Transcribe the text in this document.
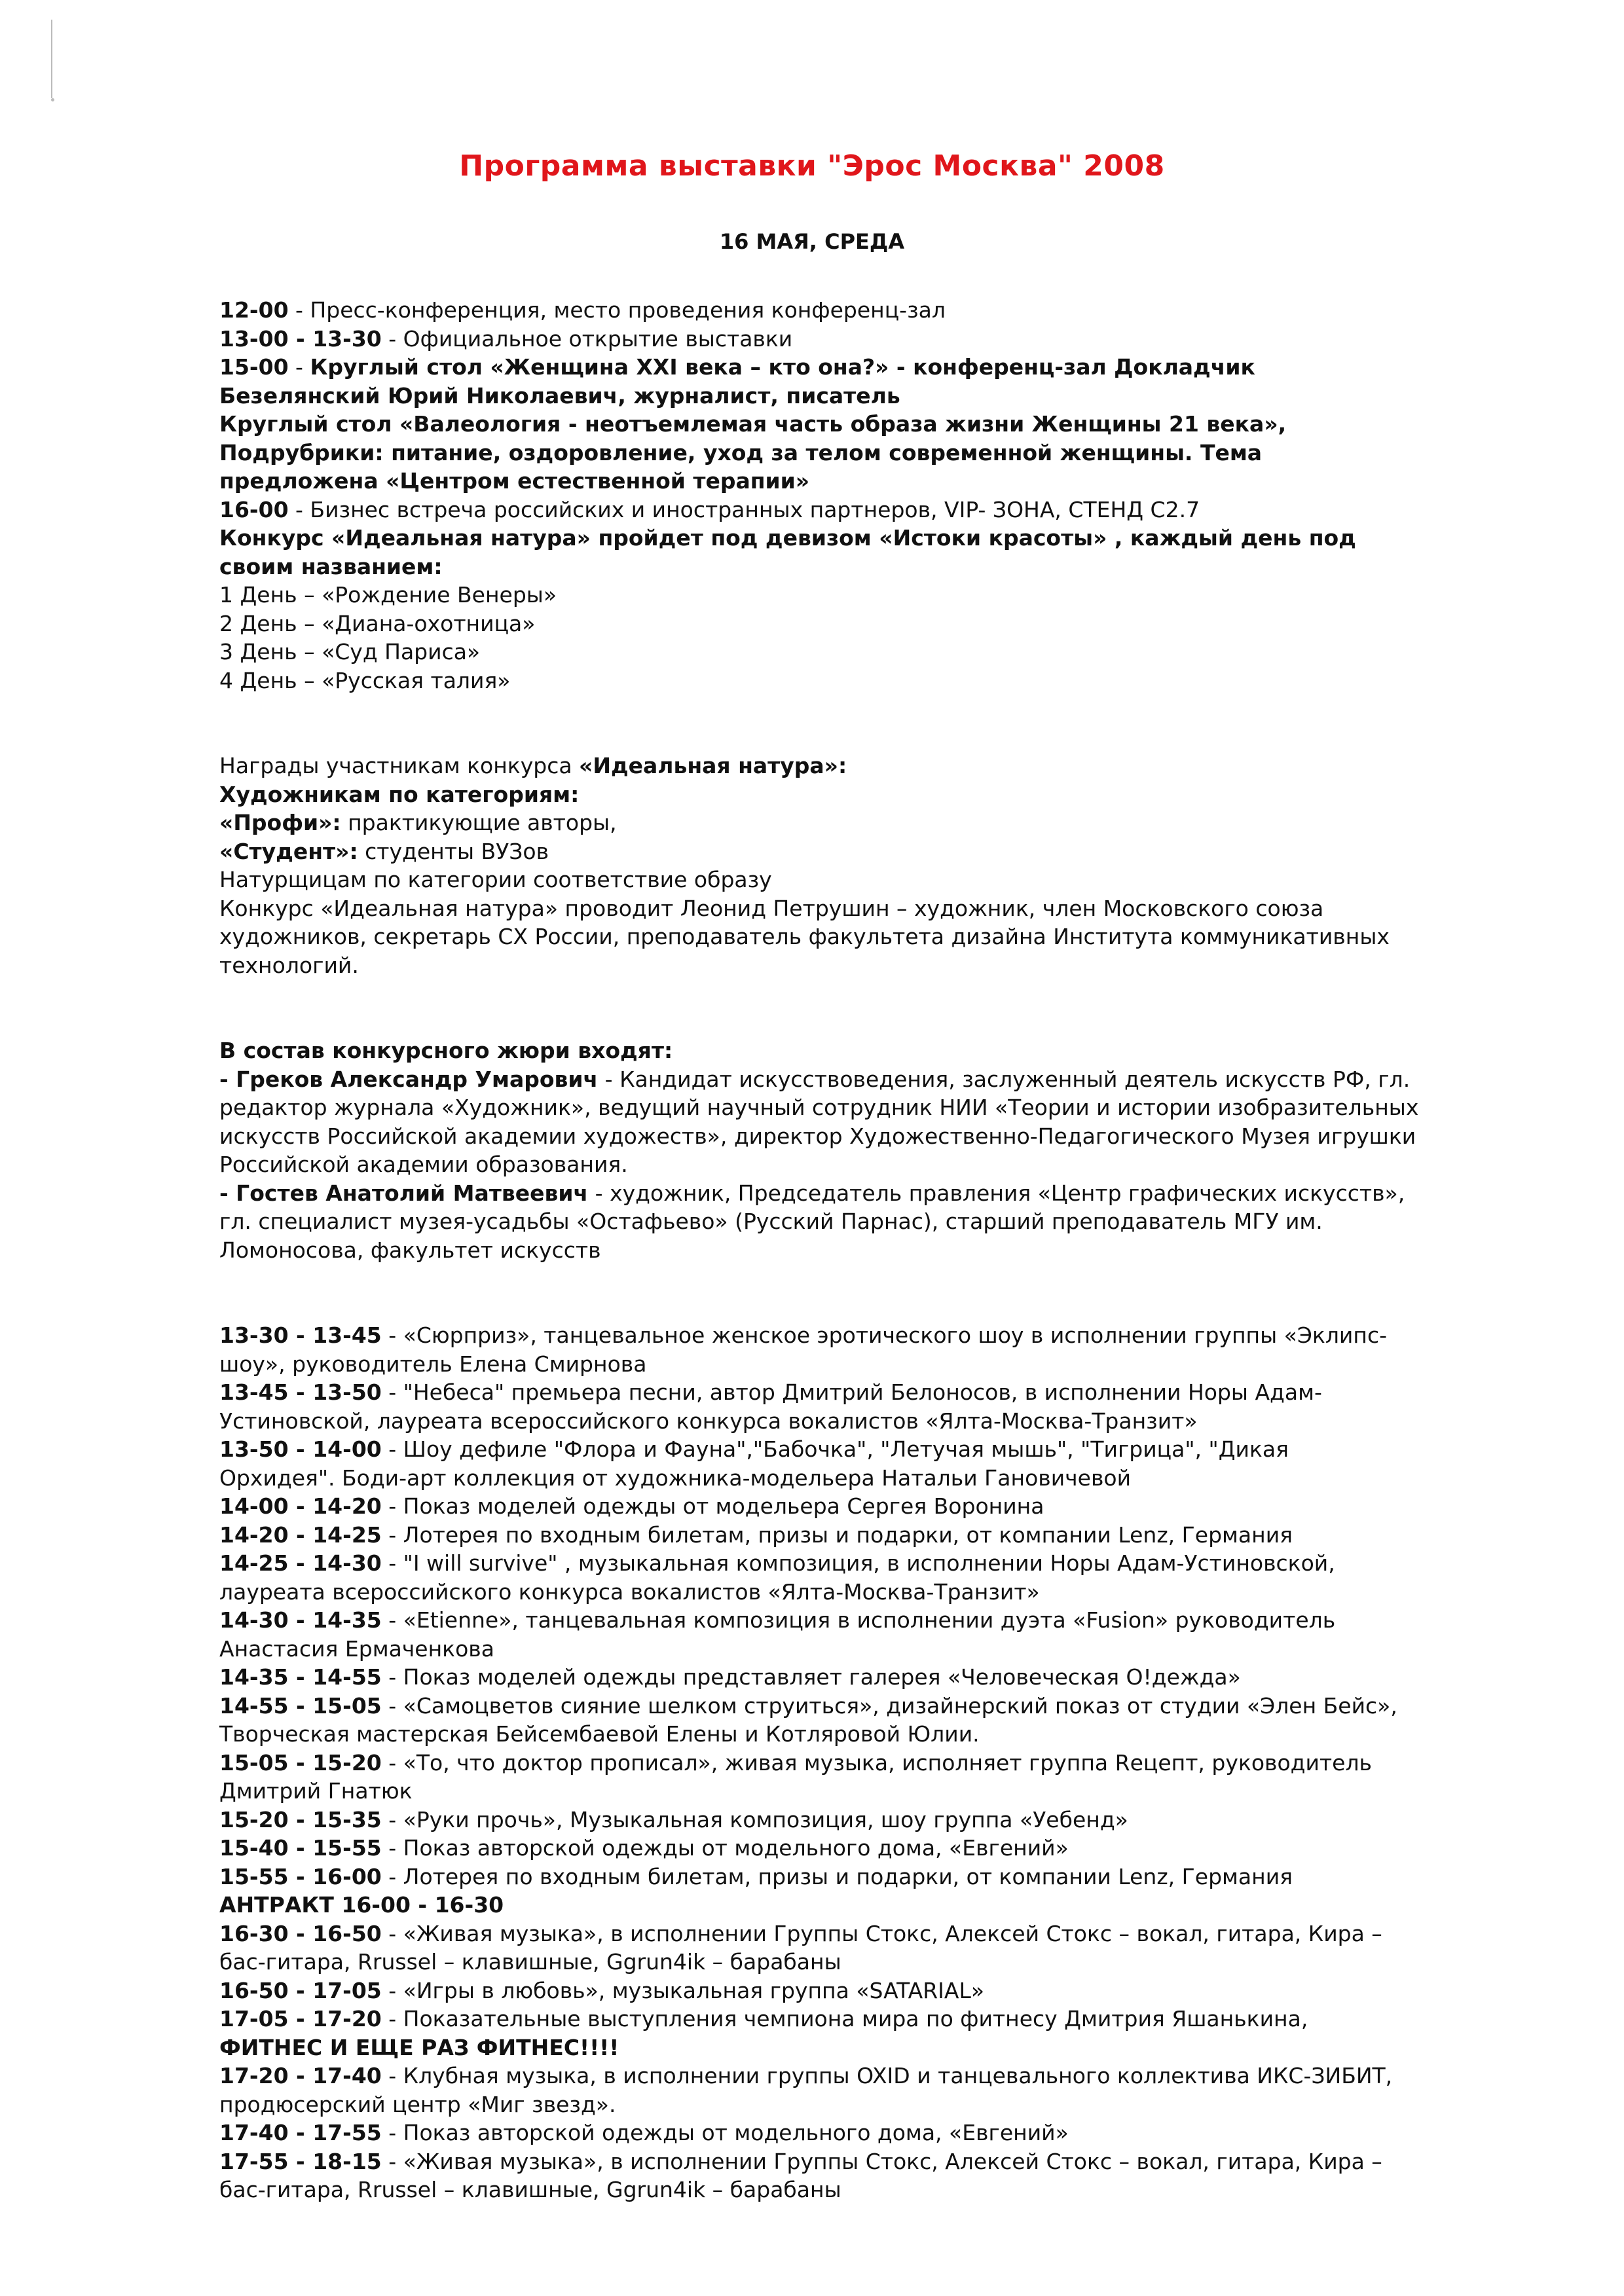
Программа выставки "Эрос Москва" 2008
16 МАЯ, СРЕДА
12-00 - Пресс-конференция, место проведения конференц-зал
13-00 - 13-30 - Официальное открытие выставки
15-00 - Круглый стол «Женщина XXI века – кто она?» - конференц-зал Докладчик
Безелянский Юрий Николаевич, журналист, писатель
Круглый стол «Валеология - неотъемлемая часть образа жизни Женщины 21 века»,
Подрубрики: питание, оздоровление, уход за телом современной женщины. Тема
предложена «Центром естественной терапии»
16-00 - Бизнес встреча российских и иностранных партнеров, VIP- ЗОНА, СТЕНД С2.7
Конкурс «Идеальная натура» пройдет под девизом «Истоки красоты» , каждый день под
своим названием:
1 День – «Рождение Венеры»
2 День – «Диана-охотница»
3 День – «Суд Париса»
4 День – «Русская талия»
Награды участникам конкурса «Идеальная натура»:
Художникам по категориям:
«Профи»: практикующие авторы,
«Студент»: студенты ВУЗов
Натурщицам по категории соответствие образу
Конкурс «Идеальная натура» проводит Леонид Петрушин – художник, член Московского союза
художников, секретарь СХ России, преподаватель факультета дизайна Института коммуникативных
технологий.
В состав конкурсного жюри входят:
- Греков Александр Умарович - Кандидат искусствоведения, заслуженный деятель искусств РФ, гл.
редактор журнала «Художник», ведущий научный сотрудник НИИ «Теории и истории изобразительных
искусств Российской академии художеств», директор Художественно-Педагогического Музея игрушки
Российской академии образования.
- Гостев Анатолий Матвеевич - художник, Председатель правления «Центр графических искусств»,
гл. специалист музея-усадьбы «Остафьево» (Русский Парнас), старший преподаватель МГУ им.
Ломоносова, факультет искусств
13-30 - 13-45 - «Сюрприз», танцевальное женское эротического шоу в исполнении группы «Эклипс-
шоу», руководитель Елена Смирнова
13-45 - 13-50 - "Небеса" премьера песни, автор Дмитрий Белоносов, в исполнении Норы Адам-
Устиновской, лауреата всероссийского конкурса вокалистов «Ялта-Москва-Транзит»
13-50 - 14-00 - Шоу дефиле "Флора и Фауна","Бабочка", "Летучая мышь", "Тигрица", "Дикая
Орхидея". Боди-арт коллекция от художника-модельера Натальи Гановичевой
14-00 - 14-20 - Показ моделей одежды от модельера Сергея Воронина
14-20 - 14-25 - Лотерея по входным билетам, призы и подарки, от компании Lenz, Германия
14-25 - 14-30 - "I will survive" , музыкальная композиция, в исполнении Норы Адам-Устиновской,
лауреата всероссийского конкурса вокалистов «Ялта-Москва-Транзит»
14-30 - 14-35 - «Etienne», танцевальная композиция в исполнении дуэта «Fusion» руководитель
Анастасия Ермаченкова
14-35 - 14-55 - Показ моделей одежды представляет галерея «Человеческая О!дежда»
14-55 - 15-05 - «Самоцветов сияние шелком струиться», дизайнерский показ от студии «Элен Бейс»,
Творческая мастерская Бейсембаевой Елены и Котляровой Юлии.
15-05 - 15-20 - «То, что доктор прописал», живая музыка, исполняет группа Rецепт, руководитель
Дмитрий Гнатюк
15-20 - 15-35 - «Руки прочь», Музыкальная композиция, шоу группа «Уебенд»
15-40 - 15-55 - Показ авторской одежды от модельного дома, «Евгений»
15-55 - 16-00 - Лотерея по входным билетам, призы и подарки, от компании Lenz, Германия
АНТРАКТ 16-00 - 16-30
16-30 - 16-50 - «Живая музыка», в исполнении Группы Стокс, Алексей Стокс – вокал, гитара, Кира –
бас-гитара, Rrussel – клавишные, Ggrun4ik – барабаны
16-50 - 17-05 - «Игры в любовь», музыкальная группа «SATARIAL»
17-05 - 17-20 - Показательные выступления чемпиона мира по фитнесу Дмитрия Яшанькина,
ФИТНЕС И ЕЩЕ РАЗ ФИТНЕС!!!!
17-20 - 17-40 - Клубная музыка, в исполнении группы OXID и танцевального коллектива ИКС-ЗИБИТ,
продюсерский центр «Миг звезд».
17-40 - 17-55 - Показ авторской одежды от модельного дома, «Евгений»
17-55 - 18-15 - «Живая музыка», в исполнении Группы Стокс, Алексей Стокс – вокал, гитара, Кира –
бас-гитара, Rrussel – клавишные, Ggrun4ik – барабаны
